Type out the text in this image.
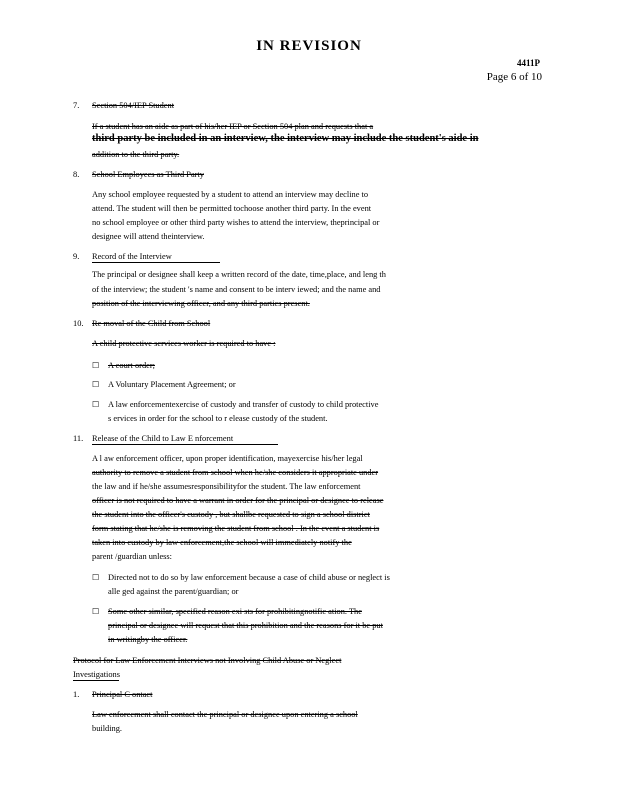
IN REVISION
4411P
Page 6 of 10
7. Section 504/IEP Student
If a student has an aide as part of his/her IEP or Section 504 plan and requests that a
third party be included in an interview, the interview may include the student's aide in
addition to the third party.
8. School Employees as Third Party
Any school employee requested by a student to attend an interview may decline to
attend. The student will then be permitted tochoose another third party. In the event
no school employee or other third party wishes to attend the interview, theprincipal or
designee will attend theinterview.
9. Record of the Interview
The principal or designee shall keep a written record of the date, time,place, and leng th
of the interview; the student 's name and consent to be interv iewed; and the name and
position of the interviewing officer, and any third parties present.
10. Re moval of the Child from School
A child protective services worker is required to have :
☐ A court order;
☐ A Voluntary Placement Agreement; or
☐ A law enforcementexercise of custody and transfer of custody to child protective
s ervices in order for the school to r elease custody of the student.
11. Release of the Child to Law E nforcement
A l aw enforcement officer, upon proper identification, mayexercise his/her legal
authority to remove a student from school when he/she considers it appropriate under
the law and if he/she assumesresponsibilityfor the student. The law enforcement
officer is not required to have a warrant in order for the principal or designee to release
the student into the officer's custody , but shallbe requested to sign a school district
form stating that he/she is removing the student from school . In the event a student is
taken into custody by law enforcement,the school will immediately notify the
parent /guardian unless:
☐ Directed not to do so by law enforcement because a case of child abuse or neglect is
alle ged against the parent/guardian; or
☐ Some other similar, specified reason exi sts for prohibitingnotific ation. The
principal or designee will request that this prohibition and the reasons for it be put
in writingby the officer.
Protocol for Law Enforcement Interviews not Involving Child Abuse or Neglect
Investigations
1. Principal C ontact
Law enforcement shall contact the principal or designee upon entering a school
building.
